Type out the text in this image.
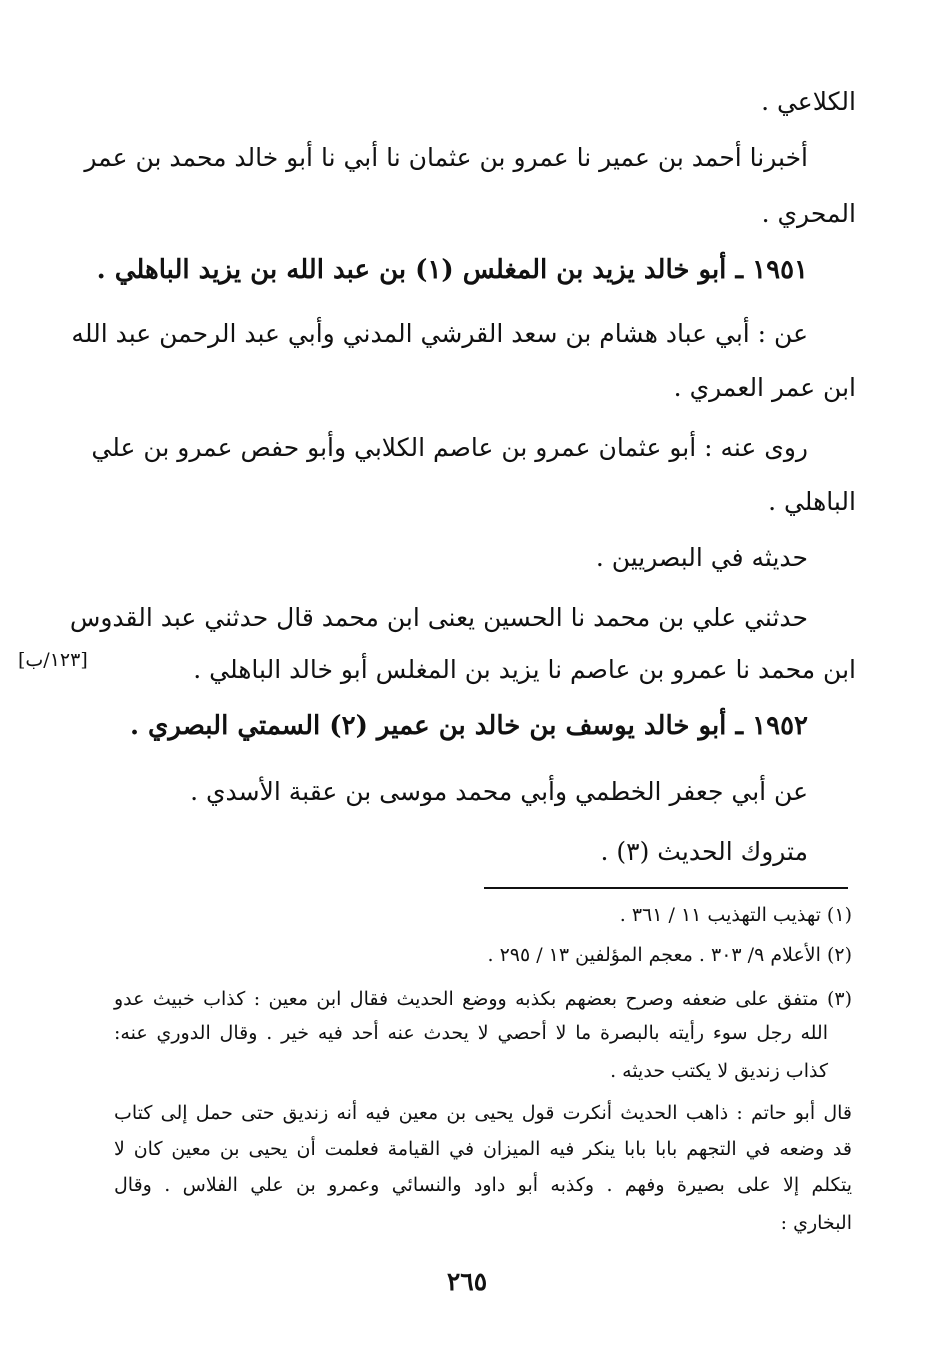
الكلاعي .
أخبرنا أحمد بن عمير نا عمرو بن عثمان نا أبي نا أبو خالد محمد بن عمر
المحري .
١٩٥١ ـ أبو خالد يزيد بن المغلس (١) بن عبد الله بن يزيد الباهلي .
عن : أبي عباد هشام بن سعد القرشي المدني وأبي عبد الرحمن عبد الله
ابن عمر العمري .
روى عنه : أبو عثمان عمرو بن عاصم الكلابي وأبو حفص عمرو بن علي
الباهلي .
حديثه في البصريين .
حدثني علي بن محمد نا الحسين يعنى ابن محمد قال حدثني عبد القدوس
ابن محمد نا عمرو بن عاصم نا يزيد بن المغلس أبو خالد الباهلي .
١٩٥٢ ـ أبو خالد يوسف بن خالد بن عمير (٢) السمتي البصري .
عن أبي جعفر الخطمي وأبي محمد موسى بن عقبة الأسدي .
متروك الحديث (٣) .
[١٢٣/ب]
(١) تهذيب التهذيب ١١ / ٣٦١ .
(٢) الأعلام ٩/ ٣٠٣ . معجم المؤلفين ١٣ / ٢٩٥ .
(٣) متفق على ضعفه وصرح بعضهم بكذبه ووضع الحديث فقال ابن معين : كذاب خبيث عدو
الله رجل سوء رأيته بالبصرة ما لا أحصي لا يحدث عنه أحد فيه خير . وقال الدوري عنه:
كذاب زنديق لا يكتب حديثه .
قال أبو حاتم : ذاهب الحديث أنكرت قول يحيى بن معين فيه أنه زنديق حتى حمل إلى كتاب
قد وضعه في التجهم بابا بابا ينكر فيه الميزان في القيامة فعلمت أن يحيى بن معين كان لا
يتكلم إلا على بصيرة وفهم . وكذبه أبو داود والنسائي وعمرو بن علي الفلاس . وقال
البخاري :
٢٦٥
